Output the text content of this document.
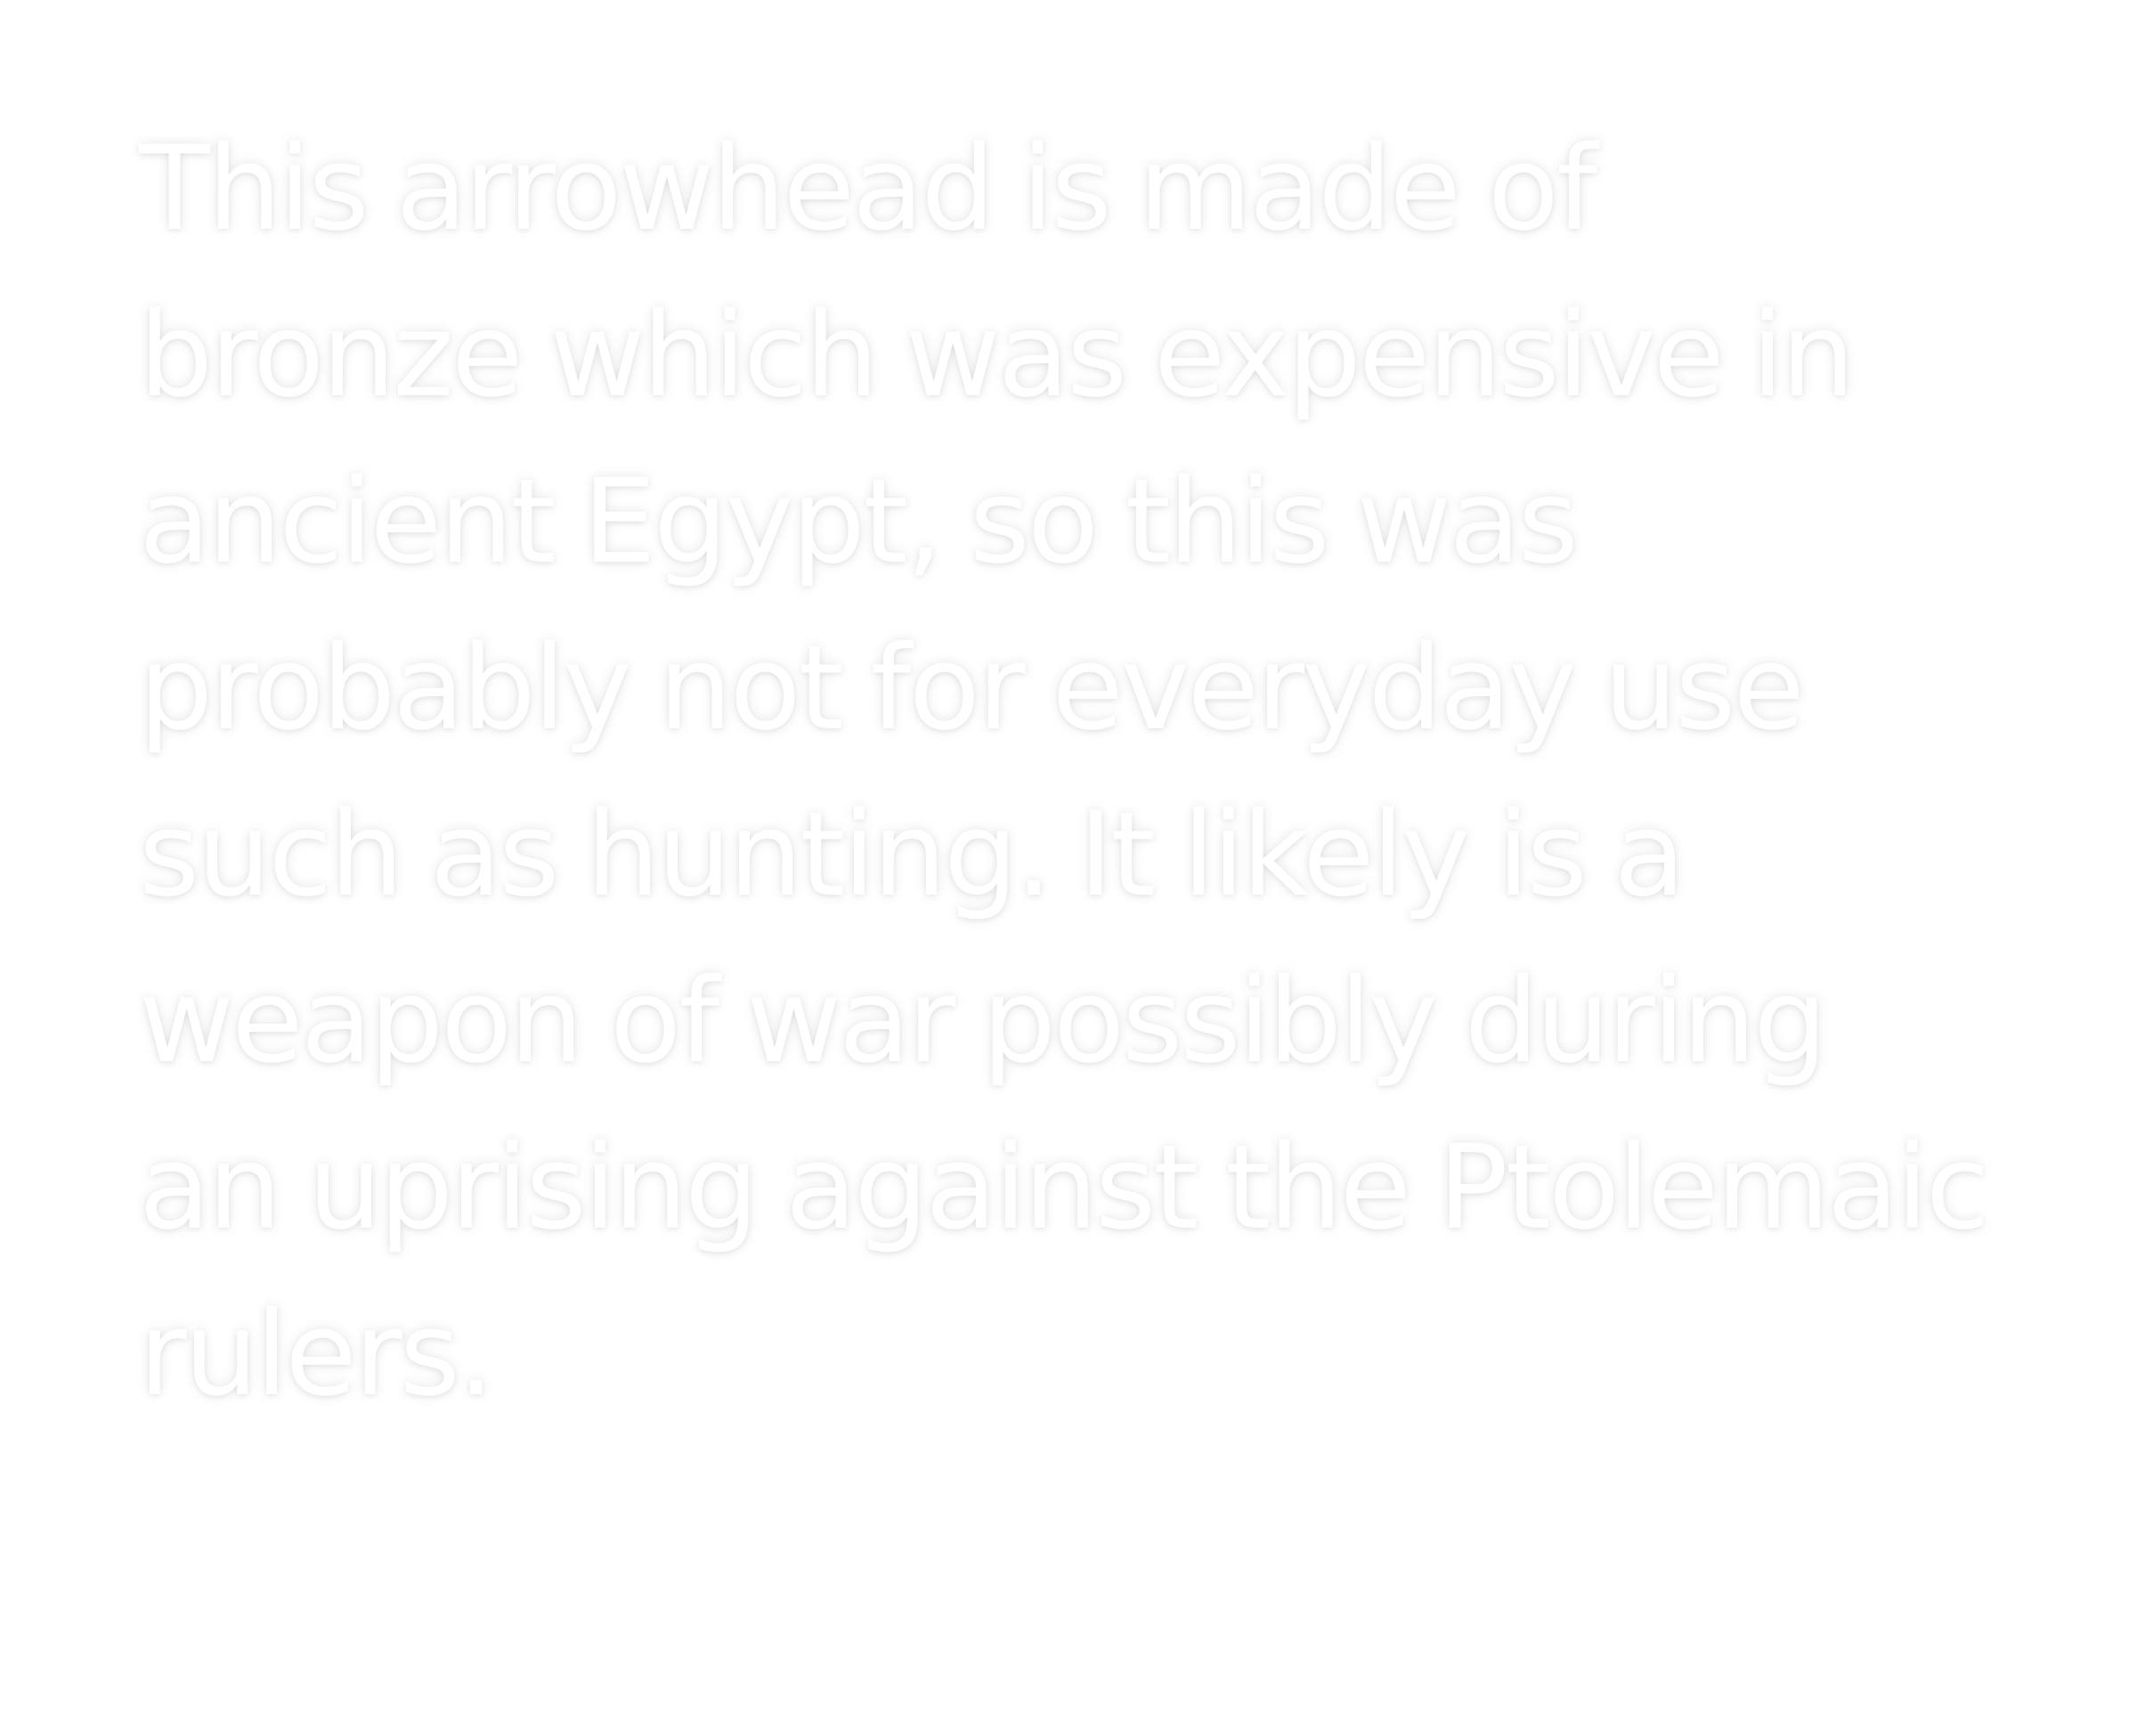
This arrowhead is made of
bronze which was expensive in
ancient Egypt, so this was
probably not for everyday use
such as hunting. It likely is a
weapon of war possibly during
an uprising against the Ptolemaic
rulers.
